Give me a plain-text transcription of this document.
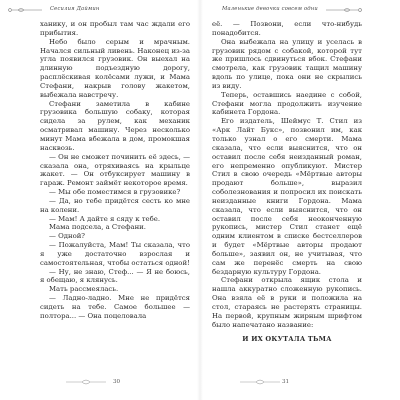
Сесилия Даймин

ханику, и он пробыл там час ждали его прибытия.

Небо было серым и мрачным. Начался сильный ливень. Наконец из-за угла появился грузовик. Он выехал на длинную подъездную дорогу, расплёскивая колёсами лужи, и Мама Стефани, накрыв голову жакетом, выбежала навстречу.

Стефани заметила в кабине грузовика большую собаку, которая сидела за рулем, как механик осматривал машину. Через несколько минут Мама вбежала в дом, промокшая насквозь.

— Он не сможет починить её здесь, — сказала она, отряхиваясь на крыльце жакет. — Он отбуксирует машину в гараж. Ремонт займёт некоторое время.

— Мы обе поместимся в грузовике?

— Да, но тебе придётся сесть ко мне на колени.

— Мам! А дайте я сяду к тебе.

Мама подсела, а Стефани.

— Одной?

— Пожалуйста, Мам! Ты сказала, что я уже достаточно взрослая и самостоятельная, чтобы остаться одной!

— Ну, не знаю, Стеф... — Я не боюсь, я обещаю, я клянусь.

Мать рассмеялась.

— Ладно-ладно. Мне не придётся сидеть на тебе. Самое большее — полтора... — Она поцеловала

30
Маленькие девочки совсем одни

её. — Позвони, если что-нибудь понадобится.

Она выбежала на улицу и уселась в грузовик рядом с собакой, которой тут же пришлось сдвинуться вбок. Стефани смотрела, как грузовик тащил машину вдоль по улице, пока они не скрылись из виду.

Теперь, оставшись наедине с собой, Стефани могла продолжить изучение кабинета Гордона.

Его издатель, Шеймус Т. Стил из «Арк Лайт Букс», позвонил им, как только узнал о его смерти. Мама сказала, что если выяснится, что он оставил после себя неизданный роман, его непременно опубликуют. Мистер Стил в свою очередь «Мёртвые авторы продают больше», выразил соболезнования и попросил их поискать неизданные книги Гордона. Мама сказала, что если выяснится, что он оставил после себя неоконченную рукопись, мистер Стил станет ещё одним клиентом в списке бестселлеров и будет «Мёртвые авторы продают больше», заявил он, не учитывая, что сам же перенёс смерть на свою бездарную культуру Гордона.

Стефани открыла ящик стола и нашла аккуратно сложенную рукопись. Она взяла её в руки и положила на стол, стараясь не растерять страницы. На первой, крупным жирным шрифтом было напечатано название:

И ИХ ОКУТАЛА ТЬМА

31
